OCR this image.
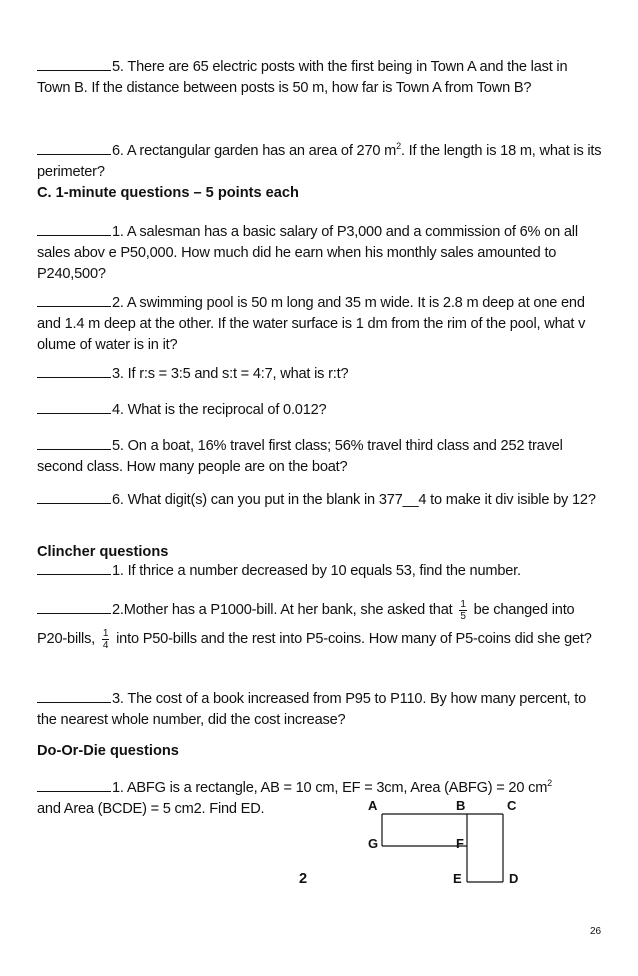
5. There are 65 electric posts with the first being in Town A and the last in Town B. If the distance between posts is 50 m, how far is Town A from Town B?
6. A rectangular garden has an area of 270 $m^2$. If the length is 18 m, what is its perimeter?
C. 1-minute questions – 5 points each
1. A salesman has a basic salary of P3,000 and a commission of 6% on all sales abov e P50,000. How much did he earn when his monthly sales amounted to P240,500?
2. A swimming pool is 50 m long and 35 m wide. It is 2.8 m deep at one end and 1.4 m deep at the other. If the water surface is 1 dm from the rim of the pool, what v olume of water is in it?
3. If r:s = 3:5 and s:t = 4:7, what is r:t?
4. What is the reciprocal of 0.012?
5. On a boat, 16% travel first class; 56% travel third class and 252 travel second class. How many people are on the boat?
6. What digit(s) can you put in the blank in 377__4 to make it div isible by 12?
Clincher questions
1. If thrice a number decreased by 10 equals 53, find the number.
2.Mother has a P1000-bill. At her bank, she asked that $\frac{1}{5}$ be changed into P20-bills, $\frac{1}{4}$ into P50-bills and the rest into P5-coins. How many of P5-coins did she get?
3. The cost of a book increased from P95 to P110. By how many percent, to the nearest whole number, did the cost increase?
Do-Or-Die questions
1. ABFG is a rectangle, AB = 10 cm, EF = 3cm, Area (ABFG) = 20 $cm^2$ and Area (BCDE) = 5 cm2. Find ED.	A	B	C
G	F
E	D
2
26
